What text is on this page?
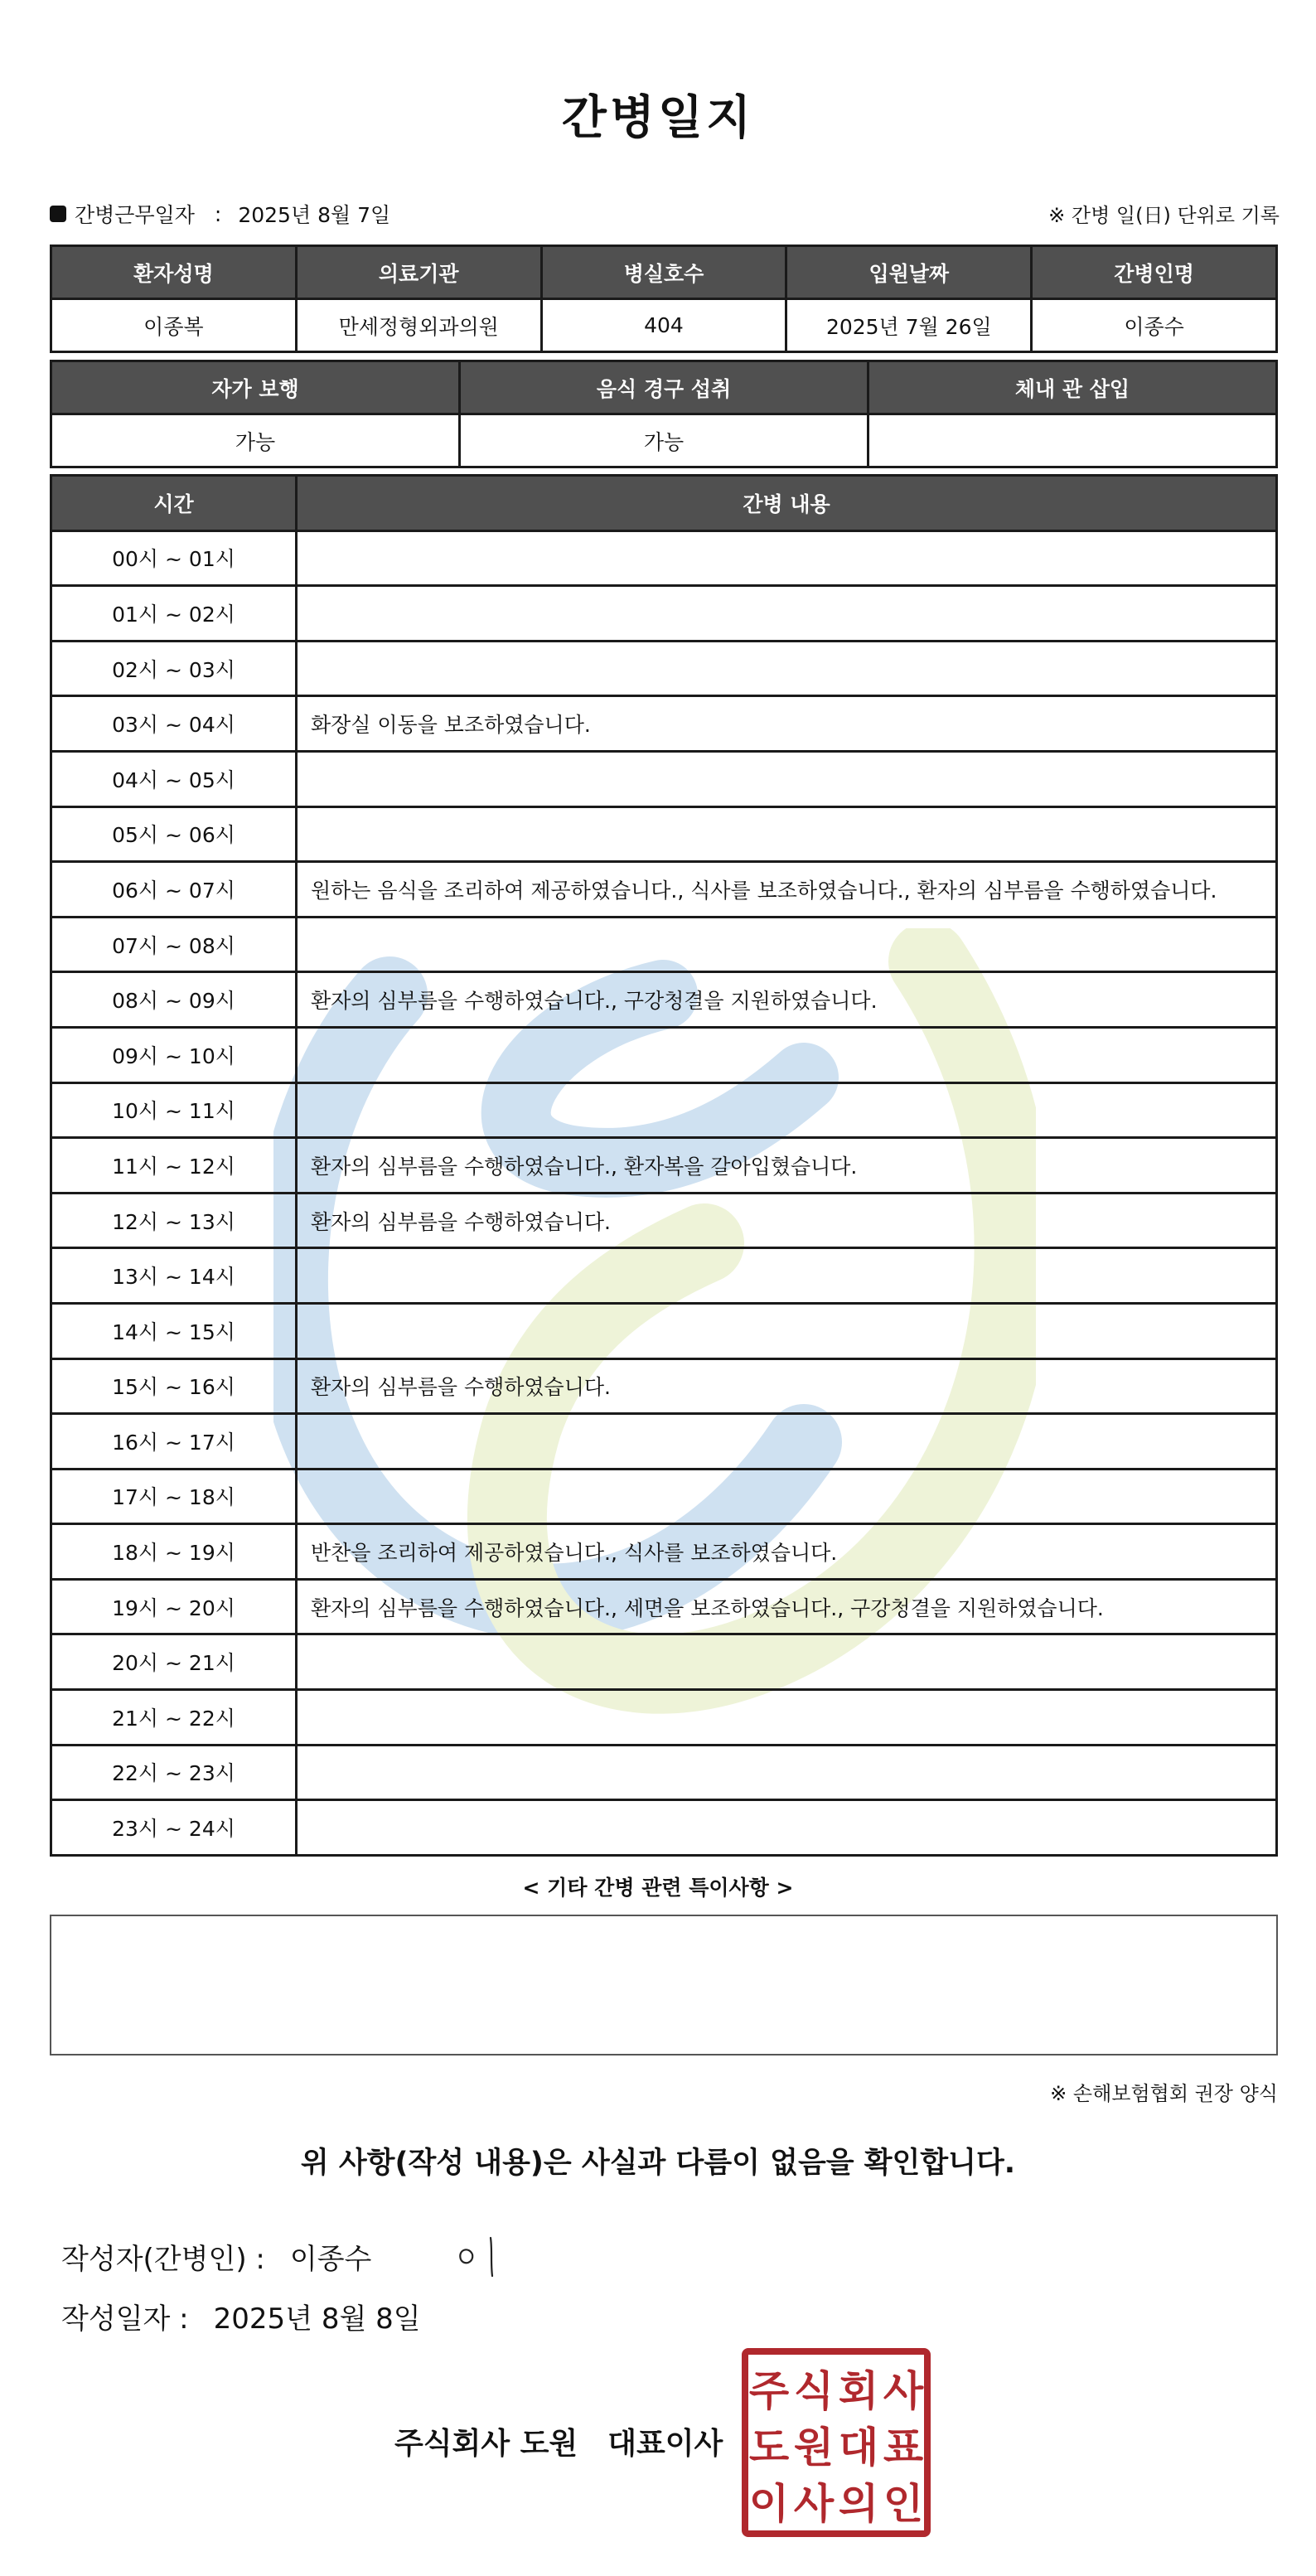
간병일지
간병근무일자 : 2025년 8월 7일	※ 간병 일(日) 단위로 기록
환자성명	의료기관	병실호수	입원날짜	간병인명
이종복	만세정형외과의원	404	2025년 7월 26일	이종수
자가 보행	음식 경구 섭취	체내 관 삽입
가능	가능	
시간	간병 내용
00시 ~ 01시	
01시 ~ 02시	
02시 ~ 03시	
03시 ~ 04시	화장실 이동을 보조하였습니다.
04시 ~ 05시	
05시 ~ 06시	
06시 ~ 07시	원하는 음식을 조리하여 제공하였습니다., 식사를 보조하였습니다., 환자의 심부름을 수행하였습니다.
07시 ~ 08시	
08시 ~ 09시	환자의 심부름을 수행하였습니다., 구강청결을 지원하였습니다.
09시 ~ 10시	
10시 ~ 11시	
11시 ~ 12시	환자의 심부름을 수행하였습니다., 환자복을 갈아입혔습니다.
12시 ~ 13시	환자의 심부름을 수행하였습니다.
13시 ~ 14시	
14시 ~ 15시	
15시 ~ 16시	환자의 심부름을 수행하였습니다.
16시 ~ 17시	
17시 ~ 18시	
18시 ~ 19시	반찬을 조리하여 제공하였습니다., 식사를 보조하였습니다.
19시 ~ 20시	환자의 심부름을 수행하였습니다., 세면을 보조하였습니다., 구강청결을 지원하였습니다.
20시 ~ 21시	
21시 ~ 22시	
22시 ~ 23시	
23시 ~ 24시	
< 기타 간병 관련 특이사항 >
※ 손해보험협회 권장 양식
위 사항(작성 내용)은 사실과 다름이 없음을 확인합니다.
작성자(간병인) : 이종수
작성일자 : 2025년 8월 8일
주식회사 도원 대표이사
주 식 회 사
도 원 대 표
이 사 의 인
